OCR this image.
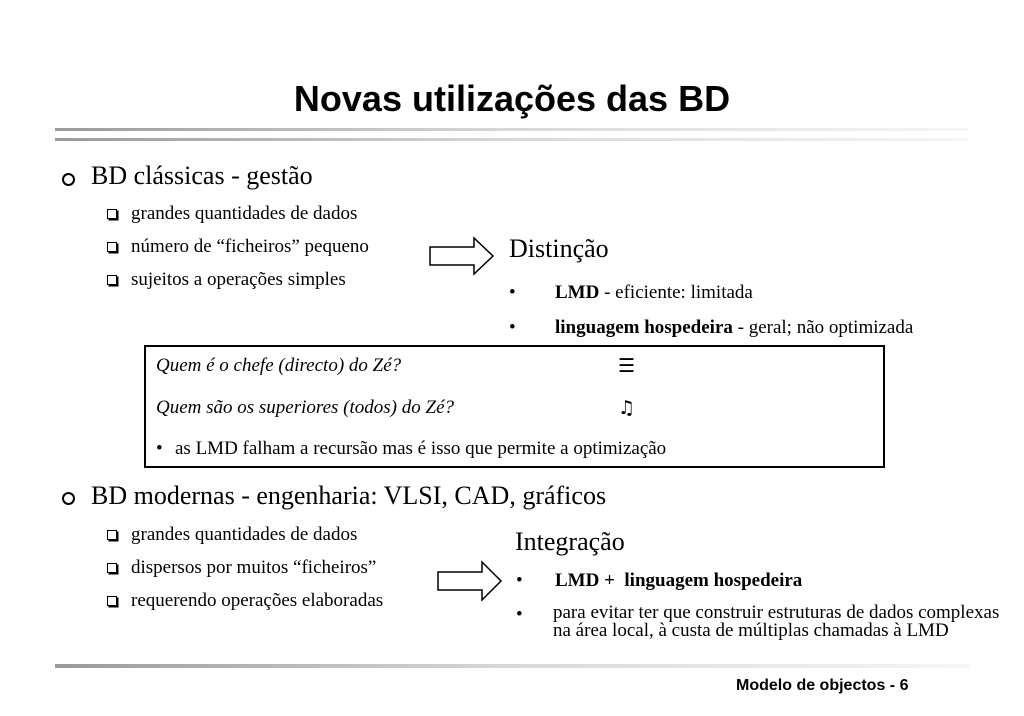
Novas utilizações das BD
BD clássicas - gestão
grandes quantidades de dados
número de “ficheiros” pequeno
sujeitos a operações simples
Distinção
• LMD - eficiente: limitada
• linguagem hospedeira - geral; não optimizada
Quem é o chefe (directo) do Zé?	☰
Quem são os superiores (todos) do Zé?	♫
• as LMD falham a recursão mas é isso que permite a optimização
BD modernas - engenharia: VLSI, CAD, gráficos
grandes quantidades de dados
dispersos por muitos “ficheiros”
requerendo operações elaboradas
Integração
• LMD + linguagem hospedeira
• para evitar ter que construir estruturas de dados complexas na área local, à custa de múltiplas chamadas à LMD
Modelo de objectos - 6
